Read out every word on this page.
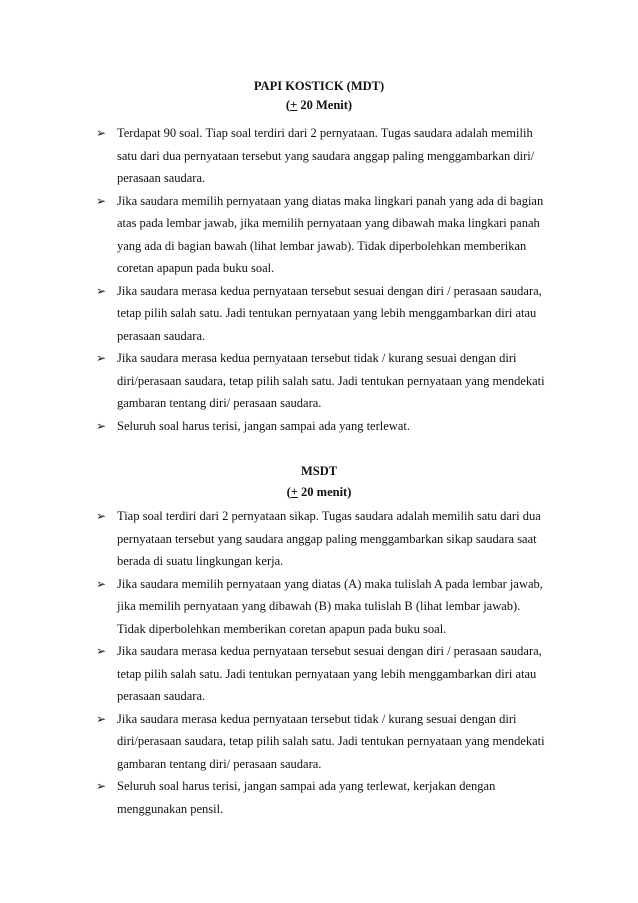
PAPI KOSTICK (MDT)
(+ 20 Menit)
➢ Terdapat 90 soal. Tiap soal terdiri dari 2 pernyataan. Tugas saudara adalah memilih satu dari dua pernyataan tersebut yang saudara anggap paling menggambarkan diri/ perasaan saudara.
➢ Jika saudara memilih pernyataan yang diatas maka lingkari panah yang ada di bagian atas pada lembar jawab, jika memilih pernyataan yang dibawah maka lingkari panah yang ada di bagian bawah (lihat lembar jawab). Tidak diperbolehkan memberikan coretan apapun pada buku soal.
➢ Jika saudara merasa kedua pernyataan tersebut sesuai dengan diri / perasaan saudara, tetap pilih salah satu. Jadi tentukan pernyataan yang lebih menggambarkan diri atau perasaan saudara.
➢ Jika saudara merasa kedua pernyataan tersebut tidak / kurang sesuai dengan diri diri/perasaan saudara, tetap pilih salah satu. Jadi tentukan pernyataan yang mendekati gambaran tentang diri/ perasaan saudara.
➢ Seluruh soal harus terisi, jangan sampai ada yang terlewat.
MSDT
(+ 20 menit)
➢ Tiap soal terdiri dari 2 pernyataan sikap. Tugas saudara adalah memilih satu dari dua pernyataan tersebut yang saudara anggap paling menggambarkan sikap saudara saat berada di suatu lingkungan kerja.
➢ Jika saudara memilih pernyataan yang diatas (A) maka tulislah A pada lembar jawab, jika memilih pernyataan yang dibawah (B) maka tulislah B (lihat lembar jawab). Tidak diperbolehkan memberikan coretan apapun pada buku soal.
➢ Jika saudara merasa kedua pernyataan tersebut sesuai dengan diri / perasaan saudara, tetap pilih salah satu. Jadi tentukan pernyataan yang lebih menggambarkan diri atau perasaan saudara.
➢ Jika saudara merasa kedua pernyataan tersebut tidak / kurang sesuai dengan diri diri/perasaan saudara, tetap pilih salah satu. Jadi tentukan pernyataan yang mendekati gambaran tentang diri/ perasaan saudara.
➢ Seluruh soal harus terisi, jangan sampai ada yang terlewat, kerjakan dengan menggunakan pensil.
